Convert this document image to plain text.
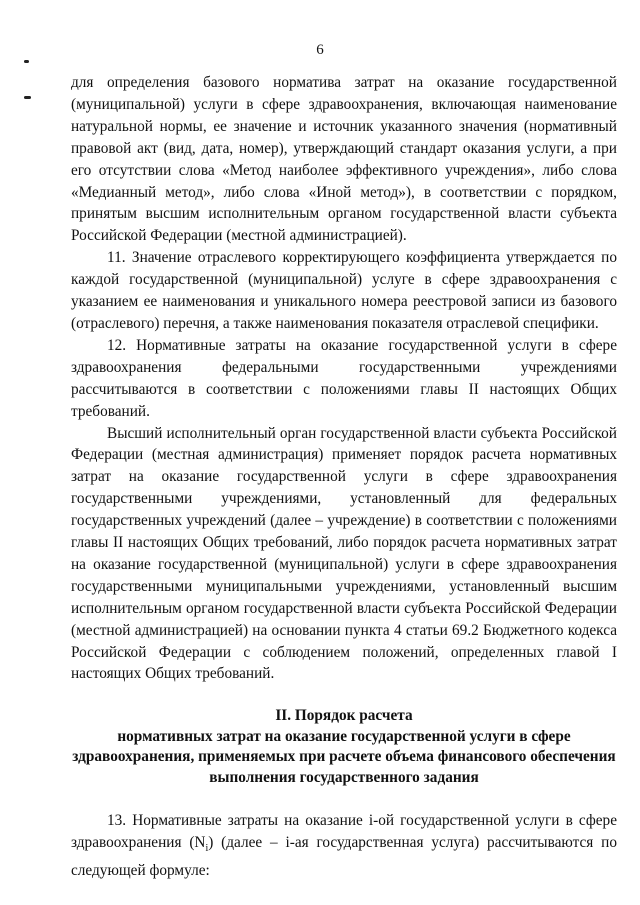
6

для определения базового норматива затрат на оказание государственной (муниципальной) услуги в сфере здравоохранения, включающая наименование натуральной нормы, ее значение и источник указанного значения (нормативный правовой акт (вид, дата, номер), утверждающий стандарт оказания услуги, а при его отсутствии слова «Метод наиболее эффективного учреждения», либо слова «Медианный метод», либо слова «Иной метод»), в соответствии с порядком, принятым высшим исполнительным органом государственной власти субъекта Российской Федерации (местной администрацией).

11. Значение отраслевого корректирующего коэффициента утверждается по каждой государственной (муниципальной) услуге в сфере здравоохранения с указанием ее наименования и уникального номера реестровой записи из базового (отраслевого) перечня, а также наименования показателя отраслевой специфики.

12. Нормативные затраты на оказание государственной услуги в сфере здравоохранения федеральными государственными учреждениями рассчитываются в соответствии с положениями главы II настоящих Общих требований.

Высший исполнительный орган государственной власти субъекта Российской Федерации (местная администрация) применяет порядок расчета нормативных затрат на оказание государственной услуги в сфере здравоохранения государственными учреждениями, установленный для федеральных государственных учреждений (далее – учреждение) в соответствии с положениями главы II настоящих Общих требований, либо порядок расчета нормативных затрат на оказание государственной (муниципальной) услуги в сфере здравоохранения государственными муниципальными учреждениями, установленный высшим исполнительным органом государственной власти субъекта Российской Федерации (местной администрацией) на основании пункта 4 статьи 69.2 Бюджетного кодекса Российской Федерации с соблюдением положений, определенных главой I настоящих Общих требований.

II. Порядок расчета
нормативных затрат на оказание государственной услуги в сфере
здравоохранения, применяемых при расчете объема финансового обеспечения
выполнения государственного задания

13. Нормативные затраты на оказание i-ой государственной услуги в сфере здравоохранения $(N_i)$ (далее – i-ая государственная услуга) рассчитываются по следующей формуле:
